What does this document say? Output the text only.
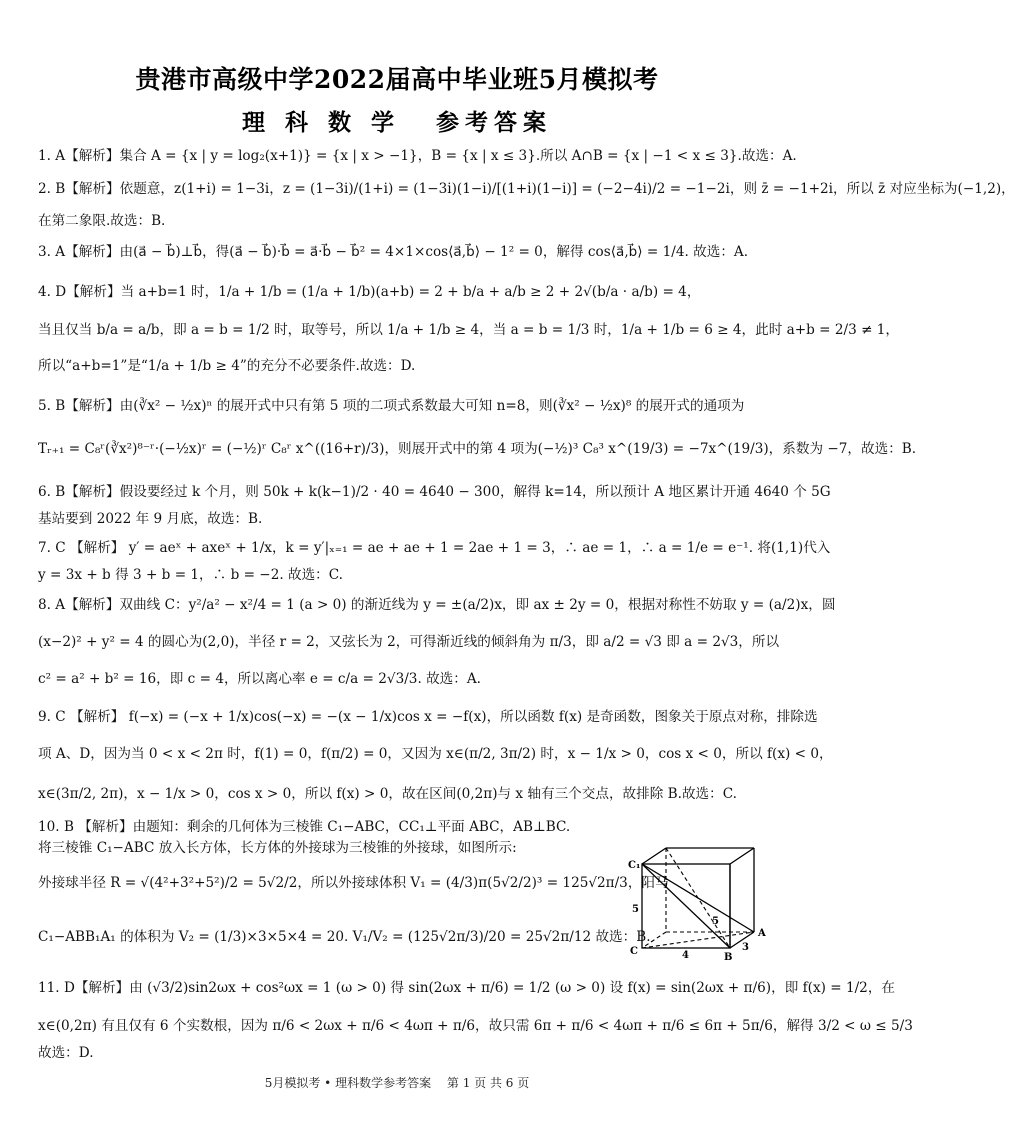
贵港市高级中学2022届高中毕业班5月模拟考
理 科 数 学 参考答案
1. A【解析】集合 A = {x | y = log₂(x+1)} = {x | x > −1}，B = {x | x ≤ 3}.所以 A∩B = {x | −1 < x ≤ 3}.故选：A.
2. B【解析】依题意，z(1+i) = 1−3i，z = (1−3i)/(1+i) = (1−3i)(1−i)/[(1+i)(1−i)] = (−2−4i)/2 = −1−2i，则 z̄ = −1+2i，所以 z̄ 对应坐标为(−1,2)，
在第二象限.故选：B.
3. A【解析】由(a⃗ − b⃗)⊥b⃗，得(a⃗ − b⃗)·b⃗ = a⃗·b⃗ − b⃗² = 4×1×cos⟨a⃗,b⃗⟩ − 1² = 0，解得 cos⟨a⃗,b⃗⟩ = 1/4. 故选：A.
4. D【解析】当 a+b=1 时，1/a + 1/b = (1/a + 1/b)(a+b) = 2 + b/a + a/b ≥ 2 + 2√(b/a · a/b) = 4，
当且仅当 b/a = a/b，即 a = b = 1/2 时，取等号，所以 1/a + 1/b ≥ 4，当 a = b = 1/3 时，1/a + 1/b = 6 ≥ 4，此时 a+b = 2/3 ≠ 1，
所以“a+b=1”是“1/a + 1/b ≥ 4”的充分不必要条件.故选：D.
5. B【解析】由(∛x² − ½x)ⁿ 的展开式中只有第 5 项的二项式系数最大可知 n=8，则(∛x² − ½x)⁸ 的展开式的通项为
Tᵣ₊₁ = C₈ʳ(∛x²)⁸⁻ʳ·(−½x)ʳ = (−½)ʳ C₈ʳ x^((16+r)/3)，则展开式中的第 4 项为(−½)³ C₈³ x^(19/3) = −7x^(19/3)，系数为 −7，故选：B.
6. B【解析】假设要经过 k 个月，则 50k + k(k−1)/2 · 40 = 4640 − 300，解得 k=14，所以预计 A 地区累计开通 4640 个 5G
基站要到 2022 年 9 月底，故选：B.
7. C 【解析】 y′ = aeˣ + axeˣ + 1/x，k = y′|ₓ₌₁ = ae + ae + 1 = 2ae + 1 = 3，∴ ae = 1，∴ a = 1/e = e⁻¹. 将(1,1)代入
y = 3x + b 得 3 + b = 1，∴ b = −2. 故选：C.
8. A【解析】双曲线 C：y²/a² − x²/4 = 1 (a > 0) 的渐近线为 y = ±(a/2)x，即 ax ± 2y = 0，根据对称性不妨取 y = (a/2)x，圆
(x−2)² + y² = 4 的圆心为(2,0)，半径 r = 2，又弦长为 2，可得渐近线的倾斜角为 π/3，即 a/2 = √3 即 a = 2√3，所以
c² = a² + b² = 16，即 c = 4，所以离心率 e = c/a = 2√3/3. 故选：A.
9. C 【解析】 f(−x) = (−x + 1/x)cos(−x) = −(x − 1/x)cos x = −f(x)，所以函数 f(x) 是奇函数，图象关于原点对称，排除选
项 A、D，因为当 0 < x < 2π 时，f(1) = 0，f(π/2) = 0，又因为 x∈(π/2, 3π/2) 时，x − 1/x > 0，cos x < 0，所以 f(x) < 0，
x∈(3π/2, 2π)，x − 1/x > 0，cos x > 0，所以 f(x) > 0，故在区间(0,2π)与 x 轴有三个交点，故排除 B.故选：C.
10. B 【解析】由题知：剩余的几何体为三棱锥 C₁−ABC，CC₁⊥平面 ABC，AB⊥BC.
将三棱锥 C₁−ABC 放入长方体，长方体的外接球为三棱锥的外接球，如图所示:
外接球半径 R = √(4²+3²+5²)/2 = 5√2/2，所以外接球体积 V₁ = (4/3)π(5√2/2)³ = 125√2π/3，阳马
C₁−ABB₁A₁ 的体积为 V₂ = (1/3)×3×5×4 = 20. V₁/V₂ = (125√2π/3)/20 = 25√2π/12 故选：B.
11. D【解析】由 (√3/2)sin2ωx + cos²ωx = 1 (ω > 0) 得 sin(2ωx + π/6) = 1/2 (ω > 0) 设 f(x) = sin(2ωx + π/6)，即 f(x) = 1/2，在
x∈(0,2π) 有且仅有 6 个实数根，因为 π/6 < 2ωx + π/6 < 4ωπ + π/6，故只需 6π + π/6 < 4ωπ + π/6 ≤ 6π + 5π/6，解得 3/2 < ω ≤ 5/3
故选：D.
C₁
5
A
C	4
3
B
5
5月模拟考 • 理科数学参考答案 第 1 页 共 6 页
